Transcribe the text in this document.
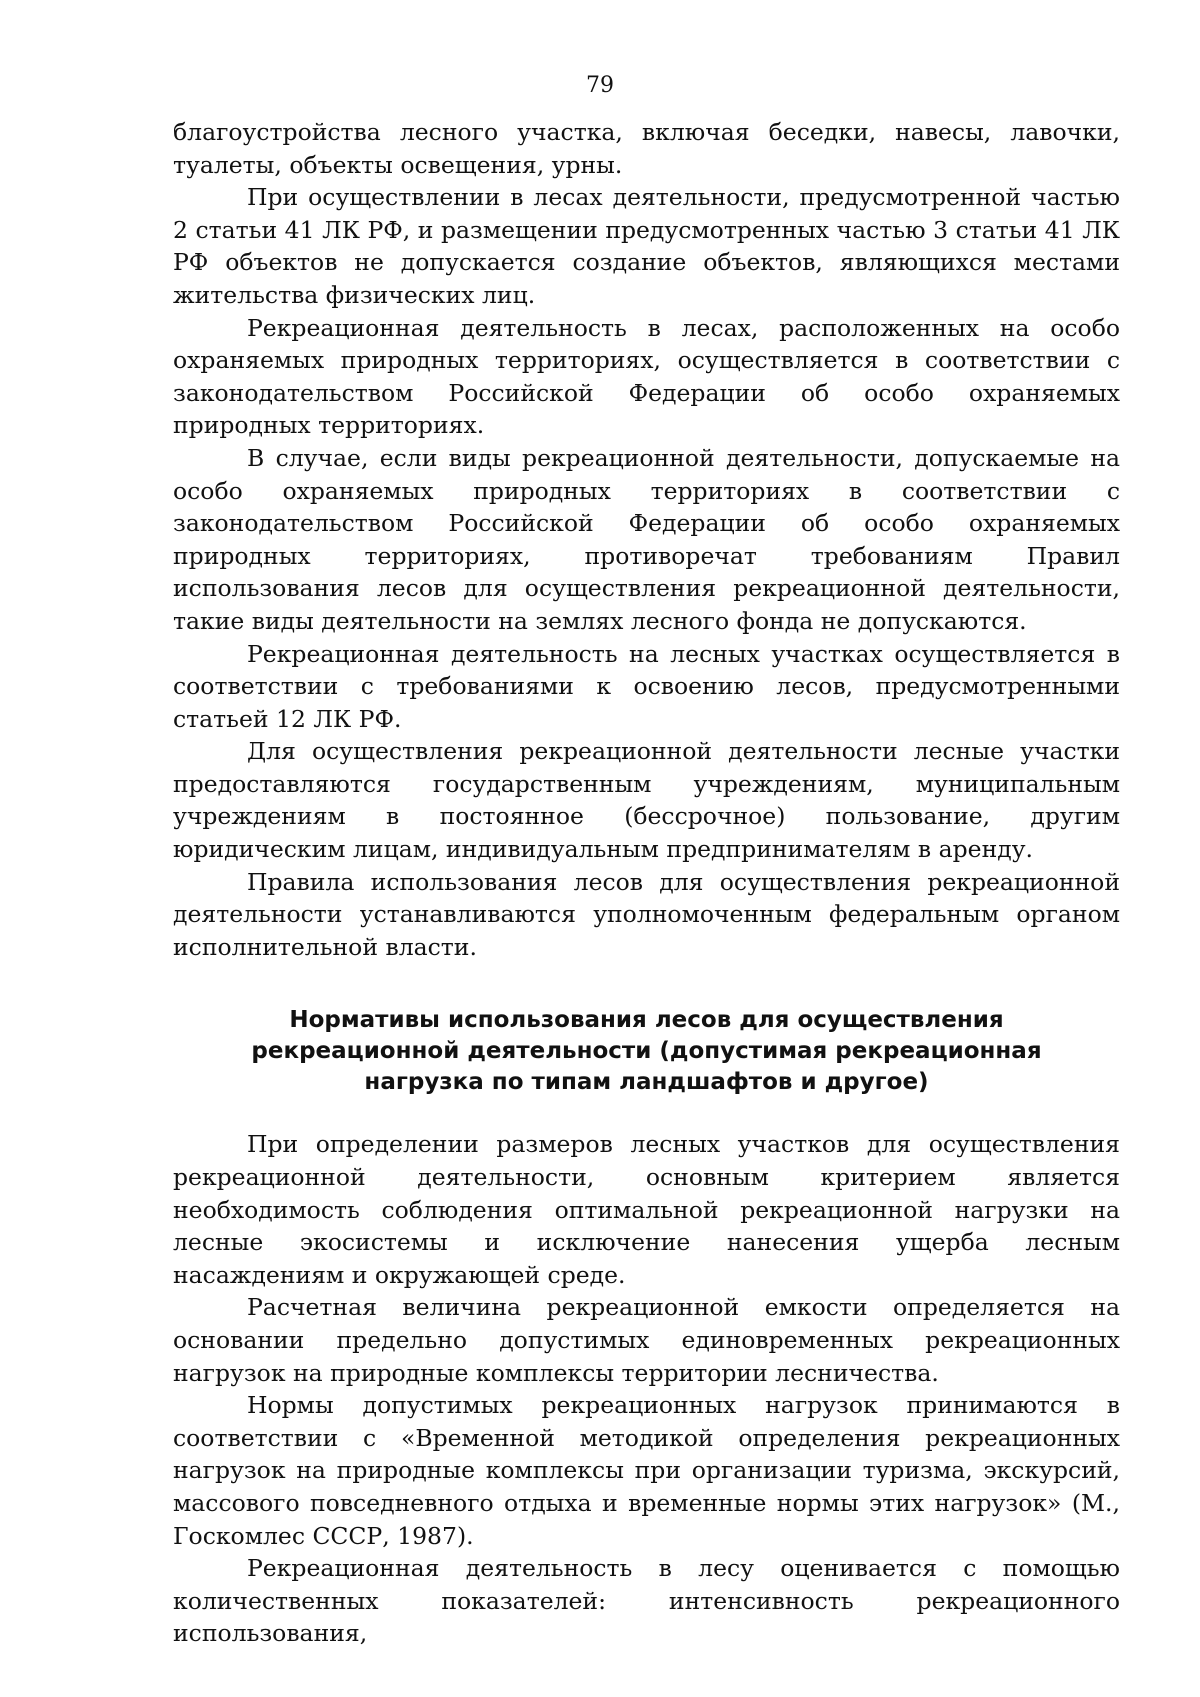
79

благоустройства лесного участка, включая беседки, навесы, лавочки, туалеты, объекты освещения, урны.

При осуществлении в лесах деятельности, предусмотренной частью 2 статьи 41 ЛК РФ, и размещении предусмотренных частью 3 статьи 41 ЛК РФ объектов не допускается создание объектов, являющихся местами жительства физических лиц.

Рекреационная деятельность в лесах, расположенных на особо охраняемых природных территориях, осуществляется в соответствии с законодательством Российской Федерации об особо охраняемых природных территориях.

В случае, если виды рекреационной деятельности, допускаемые на особо охраняемых природных территориях в соответствии с законодательством Российской Федерации об особо охраняемых природных территориях, противоречат требованиям Правил использования лесов для осуществления рекреационной деятельности, такие виды деятельности на землях лесного фонда не допускаются.

Рекреационная деятельность на лесных участках осуществляется в соответствии с требованиями к освоению лесов, предусмотренными статьей 12 ЛК РФ.

Для осуществления рекреационной деятельности лесные участки предоставляются государственным учреждениям, муниципальным учреждениям в постоянное (бессрочное) пользование, другим юридическим лицам, индивидуальным предпринимателям в аренду.

Правила использования лесов для осуществления рекреационной деятельности устанавливаются уполномоченным федеральным органом исполнительной власти.

Нормативы использования лесов для осуществления
рекреационной деятельности (допустимая рекреационная
нагрузка по типам ландшафтов и другое)

При определении размеров лесных участков для осуществления рекреационной деятельности, основным критерием является необходимость соблюдения оптимальной рекреационной нагрузки на лесные экосистемы и исключение нанесения ущерба лесным насаждениям и окружающей среде.

Расчетная величина рекреационной емкости определяется на основании предельно допустимых единовременных рекреационных нагрузок на природные комплексы территории лесничества.

Нормы допустимых рекреационных нагрузок принимаются в соответствии с «Временной методикой определения рекреационных нагрузок на природные комплексы при организации туризма, экскурсий, массового повседневного отдыха и временные нормы этих нагрузок» (М., Госкомлес СССР, 1987).

Рекреационная деятельность в лесу оценивается с помощью количественных показателей: интенсивность рекреационного использования,
